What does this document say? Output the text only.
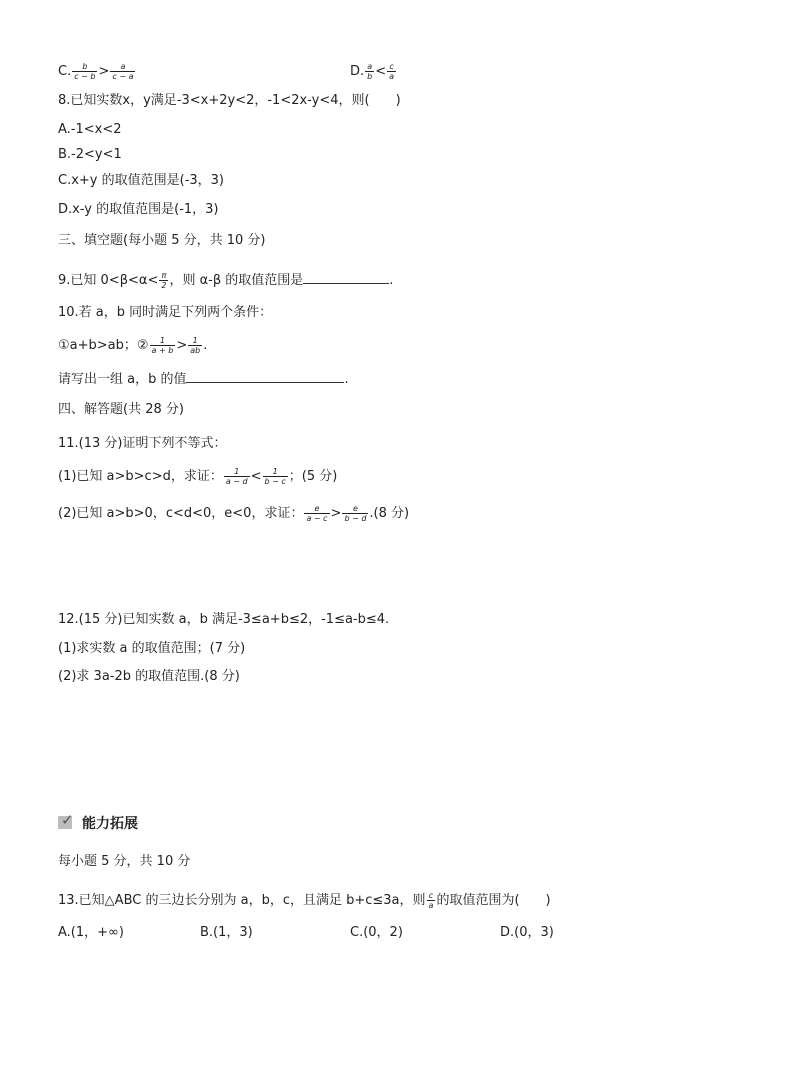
C. $\frac{b}{c - b} > \frac{a}{c - a}$	D. $\frac{a}{b} < \frac{c}{a}$
8.已知实数x，y满足-3<x+2y<2，-1<2x-y<4，则(　　)
A.-1<x<2
B.-2<y<1
C.x+y 的取值范围是(-3，3)
D.x-y 的取值范围是(-1，3)
三、填空题(每小题 5 分，共 10 分)
9.已知 $0<\beta<\alpha< \frac{\pi}{2}$ ，则 α-β 的取值范围是	.
10.若 a，b 同时满足下列两个条件：
①a+b>ab；② $\frac{1}{a + b} > \frac{1}{ab}$ .
请写出一组 a，b 的值	.
四、解答题(共 28 分)
11.(13 分)证明下列不等式：
(1)已知 a>b>c>d，求证： $\frac{1}{a - d} < \frac{1}{b - c}$ ；(5 分)
(2)已知 a>b>0，c<d<0，e<0，求证： $\frac{e}{a - c} > \frac{e}{b - d} .(8$ 分)
12.(15 分)已知实数 a，b 满足-3≤a+b≤2，-1≤a-b≤4.
(1)求实数 a 的取值范围；(7 分)
(2)求 3a-2b 的取值范围.(8 分)
✓ 能力拓展
每小题 5 分，共 10 分
13.已知△ABC 的三边长分别为 a，b，c，且满足 b+c≤3a，则 $\frac{c}{a}$ 的取值范围为(　　)
A.(1，+∞)	B.(1，3)	C.(0，2)	D.(0，3)
